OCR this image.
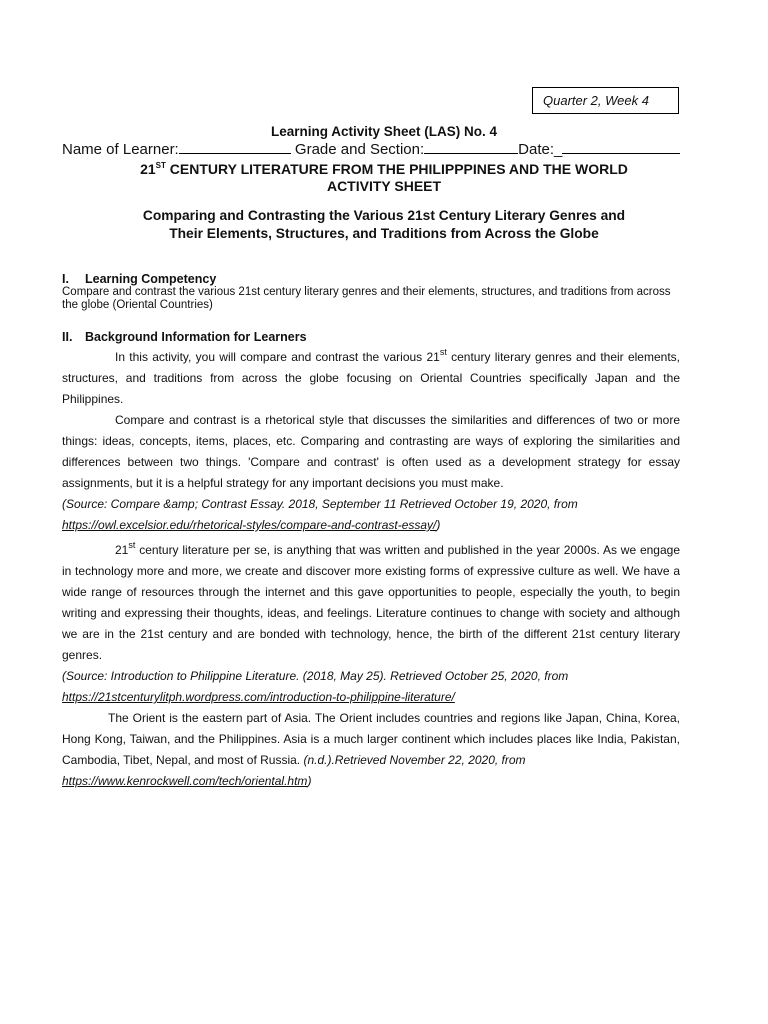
Quarter 2, Week 4
Learning Activity Sheet (LAS) No. 4
Name of Learner:	Grade and Section:	Date:_
21ST CENTURY LITERATURE FROM THE PHILIPPPINES AND THE WORLD
ACTIVITY SHEET
Comparing and Contrasting the Various 21st Century Literary Genres and
Their Elements, Structures, and Traditions from Across the Globe
I. Learning Competency
Compare and contrast the various 21st century literary genres and their elements, structures, and traditions from across the globe (Oriental Countries)
II. Background Information for Learners
In this activity, you will compare and contrast the various 21st century literary genres and their elements, structures, and traditions from across the globe focusing on Oriental Countries specifically Japan and the Philippines.
Compare and contrast is a rhetorical style that discusses the similarities and differences of two or more things: ideas, concepts, items, places, etc. Comparing and contrasting are ways of exploring the similarities and differences between two things. 'Compare and contrast' is often used as a development strategy for essay assignments, but it is a helpful strategy for any important decisions you must make.
(Source: Compare &amp; Contrast Essay. 2018, September 11 Retrieved October 19, 2020, from
https://owl.excelsior.edu/rhetorical-styles/compare-and-contrast-essay/)
21st century literature per se, is anything that was written and published in the year 2000s. As we engage in technology more and more, we create and discover more existing forms of expressive culture as well. We have a wide range of resources through the internet and this gave opportunities to people, especially the youth, to begin writing and expressing their thoughts, ideas, and feelings. Literature continues to change with society and although we are in the 21st century and are bonded with technology, hence, the birth of the different 21st century literary genres.
(Source: Introduction to Philippine Literature. (2018, May 25). Retrieved October 25, 2020, from
https://21stcenturylitph.wordpress.com/introduction-to-philippine-literature/
The Orient is the eastern part of Asia. The Orient includes countries and regions like Japan, China, Korea, Hong Kong, Taiwan, and the Philippines. Asia is a much larger continent which includes places like India, Pakistan, Cambodia, Tibet, Nepal, and most of Russia. (n.d.).Retrieved November 22, 2020, from
https://www.kenrockwell.com/tech/oriental.htm)
